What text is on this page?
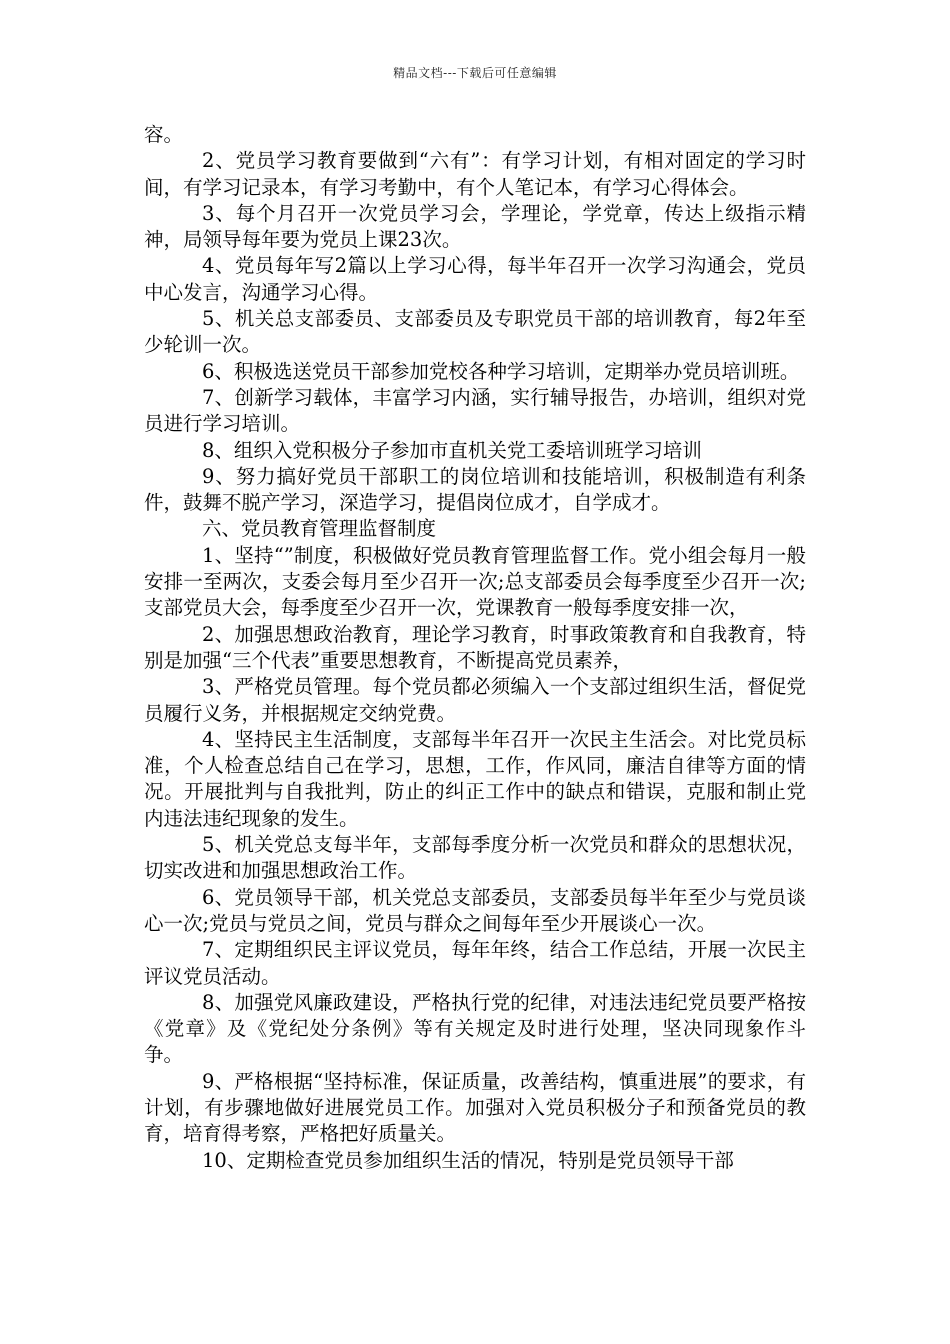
精品文档---下载后可任意编辑

容。

2、党员学习教育要做到“六有”：有学习计划，有相对固定的学习时间，有学习记录本，有学习考勤中，有个人笔记本，有学习心得体会。

3、每个月召开一次党员学习会，学理论，学党章，传达上级指示精神，局领导每年要为党员上课23次。

4、党员每年写2篇以上学习心得，每半年召开一次学习沟通会，党员中心发言，沟通学习心得。

5、机关总支部委员、支部委员及专职党员干部的培训教育，每2年至少轮训一次。

6、积极选送党员干部参加党校各种学习培训，定期举办党员培训班。

7、创新学习载体，丰富学习内涵，实行辅导报告，办培训，组织对党员进行学习培训。

8、组织入党积极分子参加市直机关党工委培训班学习培训

9、努力搞好党员干部职工的岗位培训和技能培训，积极制造有利条件，鼓舞不脱产学习，深造学习，提倡岗位成才，自学成才。

六、党员教育管理监督制度

1、坚持“”制度，积极做好党员教育管理监督工作。党小组会每月一般安排一至两次，支委会每月至少召开一次;总支部委员会每季度至少召开一次;支部党员大会，每季度至少召开一次，党课教育一般每季度安排一次，

2、加强思想政治教育，理论学习教育，时事政策教育和自我教育，特别是加强“三个代表”重要思想教育，不断提高党员素养，

3、严格党员管理。每个党员都必须编入一个支部过组织生活，督促党员履行义务，并根据规定交纳党费。

4、坚持民主生活制度，支部每半年召开一次民主生活会。对比党员标准，个人检查总结自己在学习，思想，工作，作风同，廉洁自律等方面的情况。开展批判与自我批判，防止的纠正工作中的缺点和错误，克服和制止党内违法违纪现象的发生。

5、机关党总支每半年，支部每季度分析一次党员和群众的思想状况，切实改进和加强思想政治工作。

6、党员领导干部，机关党总支部委员，支部委员每半年至少与党员谈心一次;党员与党员之间，党员与群众之间每年至少开展谈心一次。

7、定期组织民主评议党员，每年年终，结合工作总结，开展一次民主评议党员活动。

8、加强党风廉政建设，严格执行党的纪律，对违法违纪党员要严格按《党章》及《党纪处分条例》等有关规定及时进行处理，坚决同现象作斗争。

9、严格根据“坚持标准，保证质量，改善结构，慎重进展”的要求，有计划，有步骤地做好进展党员工作。加强对入党员积极分子和预备党员的教育，培育得考察，严格把好质量关。

10、定期检查党员参加组织生活的情况，特别是党员领导干部
